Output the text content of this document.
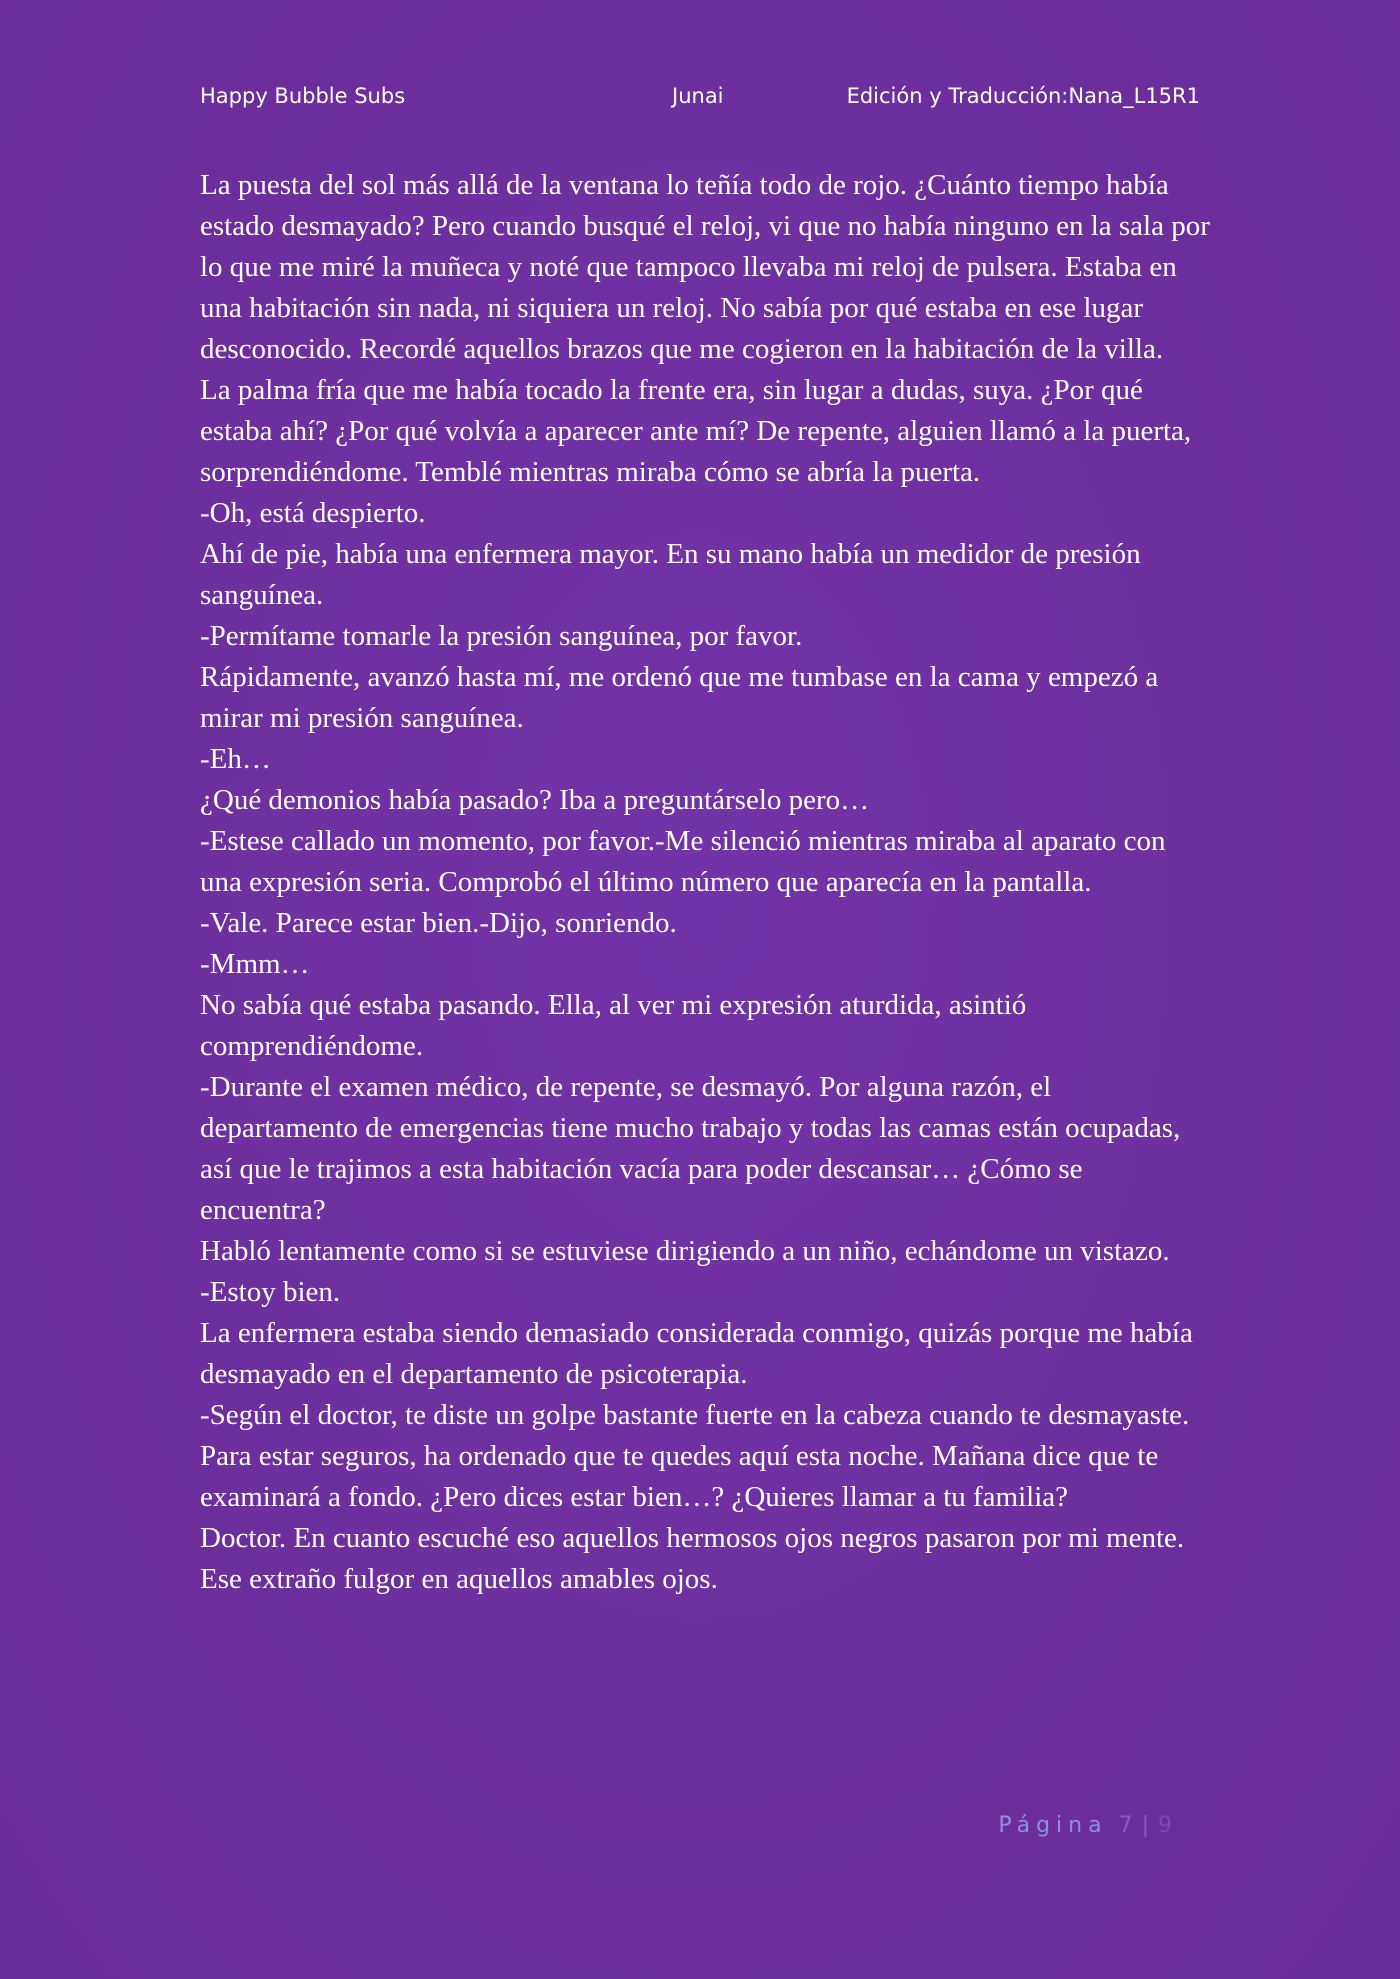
Happy Bubble Subs	Junai	Edición y Traducción:Nana_L15R1

La puesta del sol más allá de la ventana lo teñía todo de rojo. ¿Cuánto tiempo había estado desmayado? Pero cuando busqué el reloj, vi que no había ninguno en la sala por lo que me miré la muñeca y noté que tampoco llevaba mi reloj de pulsera. Estaba en una habitación sin nada, ni siquiera un reloj. No sabía por qué estaba en ese lugar desconocido. Recordé aquellos brazos que me cogieron en la habitación de la villa.

La palma fría que me había tocado la frente era, sin lugar a dudas, suya. ¿Por qué estaba ahí? ¿Por qué volvía a aparecer ante mí? De repente, alguien llamó a la puerta, sorprendiéndome. Temblé mientras miraba cómo se abría la puerta.

-Oh, está despierto.

Ahí de pie, había una enfermera mayor. En su mano había un medidor de presión sanguínea.

-Permítame tomarle la presión sanguínea, por favor.

Rápidamente, avanzó hasta mí, me ordenó que me tumbase en la cama y empezó a mirar mi presión sanguínea.

-Eh…

¿Qué demonios había pasado? Iba a preguntárselo pero…

-Estese callado un momento, por favor.-Me silenció mientras miraba al aparato con una expresión seria. Comprobó el último número que aparecía en la pantalla.

-Vale. Parece estar bien.-Dijo, sonriendo.

-Mmm…

No sabía qué estaba pasando. Ella, al ver mi expresión aturdida, asintió comprendiéndome.

-Durante el examen médico, de repente, se desmayó. Por alguna razón, el departamento de emergencias tiene mucho trabajo y todas las camas están ocupadas, así que le trajimos a esta habitación vacía para poder descansar… ¿Cómo se encuentra?

Habló lentamente como si se estuviese dirigiendo a un niño, echándome un vistazo.

-Estoy bien.

La enfermera estaba siendo demasiado considerada conmigo, quizás porque me había desmayado en el departamento de psicoterapia.

-Según el doctor, te diste un golpe bastante fuerte en la cabeza cuando te desmayaste. Para estar seguros, ha ordenado que te quedes aquí esta noche. Mañana dice que te examinará a fondo. ¿Pero dices estar bien…? ¿Quieres llamar a tu familia?

Doctor. En cuanto escuché eso aquellos hermosos ojos negros pasaron por mi mente. Ese extraño fulgor en aquellos amables ojos.

Página 7 | 9
